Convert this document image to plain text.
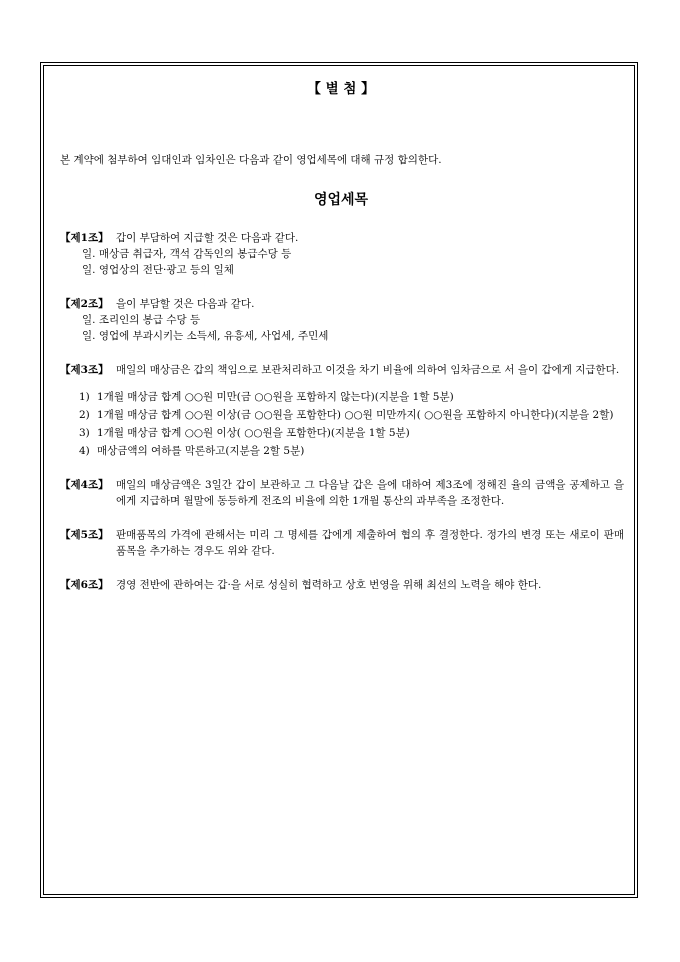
【 별 첨 】
본 계약에 첨부하여 임대인과 임차인은 다음과 같이 영업세목에 대해 규정 합의한다.
영업세목
【제1조】 갑이 부담하여 지급할 것은 다음과 같다.
일. 매상금 취급자, 객석 감독인의 봉급수당 등
일. 영업상의 전단·광고 등의 일체
【제2조】 을이 부담할 것은 다음과 같다.
일. 조리인의 봉급 수당 등
일. 영업에 부과시키는 소득세, 유흥세, 사업세, 주민세
【제3조】 매일의 매상금은 갑의 책임으로 보관처리하고 이것을 차기 비율에 의하여 임차금으로 서 을이 갑에게 지급한다.
1) 1개월 매상금 합계 ○○원 미만(금 ○○원을 포함하지 않는다)(지분을 1할 5분)
2) 1개월 매상금 합계 ○○원 이상(금 ○○원을 포함한다) ○○원 미만까지( ○○원을 포함하지 아니한다)(지분을 2할)
3) 1개월 매상금 합계 ○○원 이상( ○○원을 포함한다)(지분을 1할 5분)
4) 매상금액의 여하를 막론하고(지분을 2할 5분)
【제4조】 매일의 매상금액은 3일간 갑이 보관하고 그 다음날 갑은 을에 대하여 제3조에 정해진 율의 금액을 공제하고 을에게 지급하며 월말에 동등하게 전조의 비율에 의한 1개월 통산의 과부족을 조정한다.
【제5조】 판매품목의 가격에 관해서는 미리 그 명세를 갑에게 제출하여 협의 후 결정한다. 정가의 변경 또는 새로이 판매품목을 추가하는 경우도 위와 같다.
【제6조】 경영 전반에 관하여는 갑·을 서로 성실히 협력하고 상호 번영을 위해 최선의 노력을 해야 한다.
